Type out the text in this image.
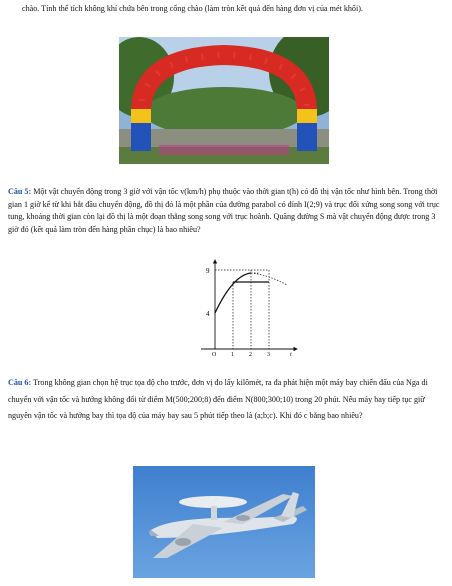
chào. Tính thể tích không khí chứa bên trong cổng chào (làm tròn kết quả đến hàng đơn vị của mét khối).
Câu 5: Một vật chuyển động trong 3 giờ với vận tốc v(km/h) phụ thuộc vào thời gian t(h) có đồ thị vận tốc như hình bên. Trong thời gian 1 giờ kể từ khi bắt đầu chuyển động, đồ thị đó là một phần của đường parabol có đỉnh I(2;9) và trục đối xứng song song với trục tung, khoảng thời gian còn lại đồ thị là một đoạn thẳng song song với trục hoành. Quãng đường S mà vật chuyển động được trong 3 giờ đó (kết quả làm tròn đến hàng phần chục) là bao nhiêu?
9
4
O 1	2	3	t
Câu 6: Trong không gian chọn hệ trục tọa độ cho trước, đơn vị đo lấy kilômét, ra đa phát hiện một máy bay chiến đấu của Nga di chuyển với vận tốc và hướng không đổi từ điểm M(500;200;8) đến điểm N(800;300;10) trong 20 phút. Nếu máy bay tiếp tục giữ nguyên vận tốc và hướng bay thì tọa độ của máy bay sau 5 phút tiếp theo là (a;b;c). Khi đó c bằng bao nhiêu?
